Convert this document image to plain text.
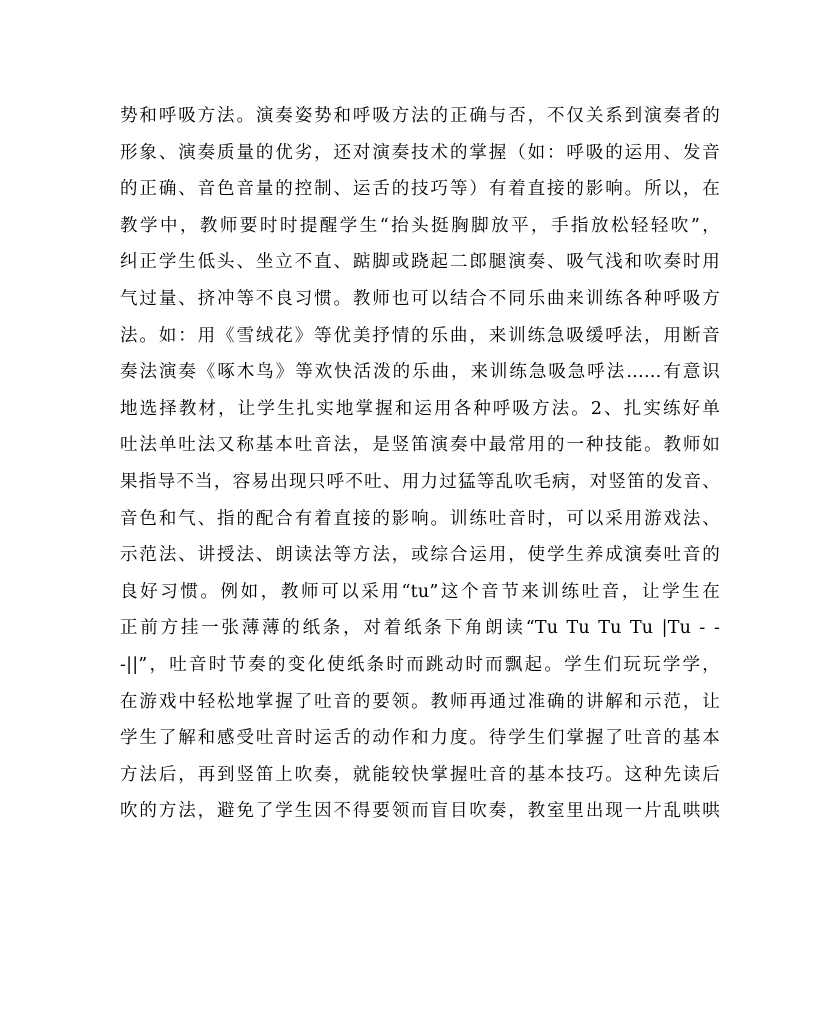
势和呼吸方法。演奏姿势和呼吸方法的正确与否，不仅关系到演奏者的
形象、演奏质量的优劣，还对演奏技术的掌握（如：呼吸的运用、发音
的正确、音色音量的控制、运舌的技巧等）有着直接的影响。所以，在
教学中，教师要时时提醒学生“抬头挺胸脚放平，手指放松轻轻吹”，
纠正学生低头、坐立不直、踮脚或跷起二郎腿演奏、吸气浅和吹奏时用
气过量、挤冲等不良习惯。教师也可以结合不同乐曲来训练各种呼吸方
法。如：用《雪绒花》等优美抒情的乐曲，来训练急吸缓呼法，用断音
奏法演奏《啄木鸟》等欢快活泼的乐曲，来训练急吸急呼法……有意识
地选择教材，让学生扎实地掌握和运用各种呼吸方法。2、扎实练好单
吐法单吐法又称基本吐音法，是竖笛演奏中最常用的一种技能。教师如
果指导不当，容易出现只呼不吐、用力过猛等乱吹毛病，对竖笛的发音、
音色和气、指的配合有着直接的影响。训练吐音时，可以采用游戏法、
示范法、讲授法、朗读法等方法，或综合运用，使学生养成演奏吐音的
良好习惯。例如，教师可以采用“tu”这个音节来训练吐音，让学生在
正前方挂一张薄薄的纸条，对着纸条下角朗读“Tu Tu Tu Tu |Tu - -
-||”，吐音时节奏的变化使纸条时而跳动时而飘起。学生们玩玩学学，
在游戏中轻松地掌握了吐音的要领。教师再通过准确的讲解和示范，让
学生了解和感受吐音时运舌的动作和力度。待学生们掌握了吐音的基本
方法后，再到竖笛上吹奏，就能较快掌握吐音的基本技巧。这种先读后
吹的方法，避免了学生因不得要领而盲目吹奏，教室里出现一片乱哄哄
